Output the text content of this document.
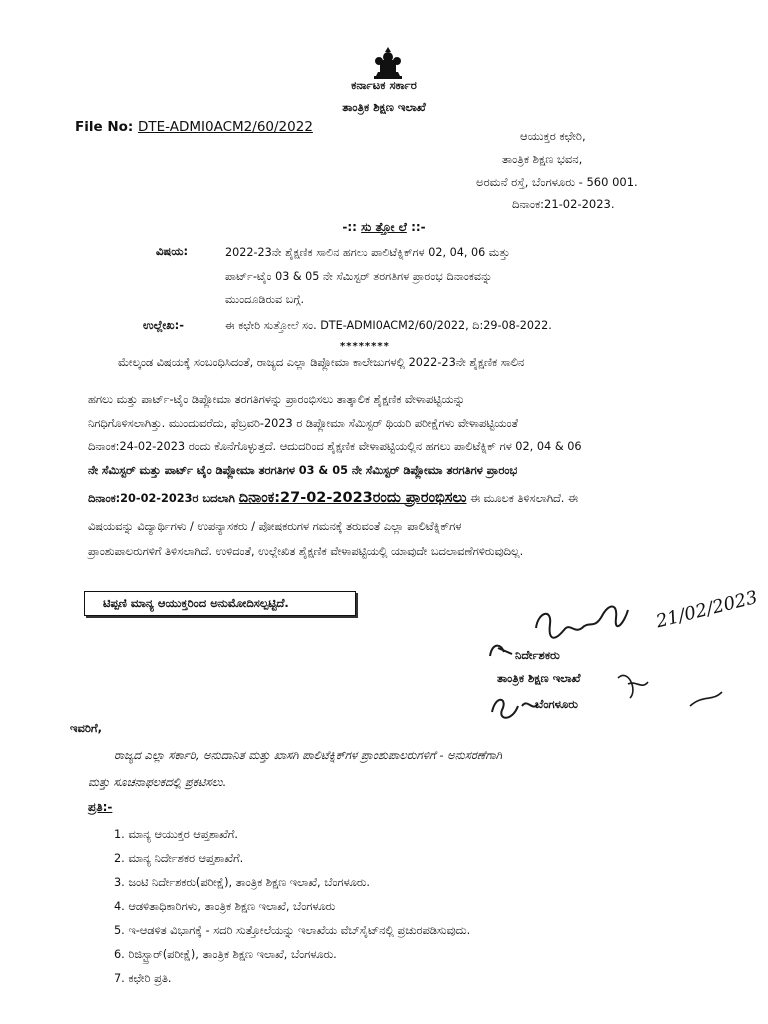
ಕರ್ನಾಟಕ ಸರ್ಕಾರ
ತಾಂತ್ರಿಕ ಶಿಕ್ಷಣ ಇಲಾಖೆ
File No: DTE-ADMI0ACM2/60/2022
ಆಯುಕ್ತರ ಕಛೇರಿ,
ತಾಂತ್ರಿಕ ಶಿಕ್ಷಣ ಭವನ,
ಅರಮನೆ ರಸ್ತೆ, ಬೆಂಗಳೂರು - 560 001.
ದಿನಾಂಕ:21-02-2023.
-:: ಸು ತ್ತೋ ಲೆ ::-
ವಿಷಯ:	2022-23ನೇ ಶೈಕ್ಷಣಿಕ ಸಾಲಿನ ಹಗಲು ಪಾಲಿಟೆಕ್ನಿಕ್‌ಗಳ 02, 04, 06 ಮತ್ತು
ಪಾರ್ಟ್-ಟೈಂ 03 & 05 ನೇ ಸೆಮಿಸ್ಟರ್ ತರಗತಿಗಳ ಪ್ರಾರಂಭ ದಿನಾಂಕವನ್ನು
ಮುಂದೂಡಿರುವ ಬಗ್ಗೆ.
ಉಲ್ಲೇಖ:-	ಈ ಕಛೇರಿ ಸುತ್ತೋಲೆ ಸಂ. DTE-ADMI0ACM2/60/2022, ದಿ:29-08-2022.
********
ಮೇಲ್ಕಂಡ ವಿಷಯಕ್ಕೆ ಸಂಬಂಧಿಸಿದಂತೆ, ರಾಜ್ಯದ ಎಲ್ಲಾ ಡಿಪ್ಲೋಮಾ ಕಾಲೇಜುಗಳಲ್ಲಿ 2022-23ನೇ ಶೈಕ್ಷಣಿಕ ಸಾಲಿನ
ಹಗಲು ಮತ್ತು ಪಾರ್ಟ್-ಟೈಂ ಡಿಪ್ಲೋಮಾ ತರಗತಿಗಳನ್ನು ಪ್ರಾರಂಭಿಸಲು ತಾತ್ಕಾಲಿಕ ಶೈಕ್ಷಣಿಕ ವೇಳಾಪಟ್ಟಿಯನ್ನು
ನಿಗಧಿಗೊಳಿಸಲಾಗಿತ್ತು. ಮುಂದುವರೆದು, ಫೆಬ್ರವರಿ-2023 ರ ಡಿಪ್ಲೋಮಾ ಸೆಮಿಸ್ಟರ್ ಥಿಯರಿ ಪರೀಕ್ಷೆಗಳು ವೇಳಾಪಟ್ಟಿಯಂತೆ
ದಿನಾಂಕ:24-02-2023 ರಂದು ಕೊನೆಗೊಳ್ಳುತ್ತದೆ. ಆದುದರಿಂದ ಶೈಕ್ಷಣಿಕ ವೇಳಾಪಟ್ಟಿಯಲ್ಲಿನ ಹಗಲು ಪಾಲಿಟೆಕ್ನಿಕ್ ಗಳ 02, 04 & 06
ನೇ ಸೆಮಿಸ್ಟರ್ ಮತ್ತು ಪಾರ್ಟ್ ಟೈಂ ಡಿಪ್ಲೋಮಾ ತರಗತಿಗಳ 03 & 05 ನೇ ಸೆಮಿಸ್ಟರ್ ಡಿಪ್ಲೋಮಾ ತರಗತಿಗಳ ಪ್ರಾರಂಭ
ದಿನಾಂಕ:20-02-2023ರ ಬದಲಾಗಿ ದಿನಾಂಕ:27-02-2023ರಂದು ಪ್ರಾರಂಭಿಸಲು ಈ ಮೂಲಕ ತಿಳಿಸಲಾಗಿದೆ. ಈ
ವಿಷಯವನ್ನು ವಿದ್ಯಾರ್ಥಿಗಳು / ಉಪನ್ಯಾಸಕರು / ಪೋಷಕರುಗಳ ಗಮನಕ್ಕೆ ತರುವಂತೆ ಎಲ್ಲಾ ಪಾಲಿಟೆಕ್ನಿಕ್‌ಗಳ
ಪ್ರಾಂಶುಪಾಲರುಗಳಿಗೆ ತಿಳಿಸಲಾಗಿದೆ. ಉಳಿದಂತೆ, ಉಲ್ಲೇಖಿತ ಶೈಕ್ಷಣಿಕ ವೇಳಾಪಟ್ಟಿಯಲ್ಲಿ ಯಾವುದೇ ಬದಲಾವಣೆಗಳಿರುವುದಿಲ್ಲ.
ಟಿಪ್ಪಣಿ ಮಾನ್ಯ ಆಯುಕ್ತರಿಂದ ಅನುಮೋದಿಸಲ್ಪಟ್ಟಿದೆ.	21/02/2023
ನಿರ್ದೇಶಕರು
ತಾಂತ್ರಿಕ ಶಿಕ್ಷಣ ಇಲಾಖೆ
ಬೆಂಗಳೂರು
ಇವರಿಗೆ,
ರಾಜ್ಯದ ಎಲ್ಲಾ ಸರ್ಕಾರಿ, ಅನುದಾನಿತ ಮತ್ತು ಖಾಸಗಿ ಪಾಲಿಟೆಕ್ನಿಕ್‌ಗಳ ಪ್ರಾಂಶುಪಾಲರುಗಳಿಗೆ - ಅನುಸರಣೆಗಾಗಿ
ಮತ್ತು ಸೂಚನಾಫಲಕದಲ್ಲಿ ಪ್ರಕಟಿಸಲು.
ಪ್ರತಿ:-
1. ಮಾನ್ಯ ಆಯುಕ್ತರ ಆಪ್ತಶಾಖೆಗೆ.
2. ಮಾನ್ಯ ನಿರ್ದೇಶಕರ ಆಪ್ತಶಾಖೆಗೆ.
3. ಜಂಟಿ ನಿರ್ದೇಶಕರು(ಪರೀಕ್ಷೆ), ತಾಂತ್ರಿಕ ಶಿಕ್ಷಣ ಇಲಾಖೆ, ಬೆಂಗಳೂರು.
4. ಆಡಳಿತಾಧಿಕಾರಿಗಳು, ತಾಂತ್ರಿಕ ಶಿಕ್ಷಣ ಇಲಾಖೆ, ಬೆಂಗಳೂರು
5. ಇ-ಆಡಳಿತ ವಿಭಾಗಕ್ಕೆ - ಸದರಿ ಸುತ್ತೋಲೆಯನ್ನು ಇಲಾಖೆಯ ವೆಬ್‌ಸೈಟ್‌ನಲ್ಲಿ ಪ್ರಚುರಪಡಿಸುವುದು.
6. ರಿಜಿಸ್ಟ್ರಾರ್(ಪರೀಕ್ಷೆ), ತಾಂತ್ರಿಕ ಶಿಕ್ಷಣ ಇಲಾಖೆ, ಬೆಂಗಳೂರು.
7. ಕಛೇರಿ ಪ್ರತಿ.
